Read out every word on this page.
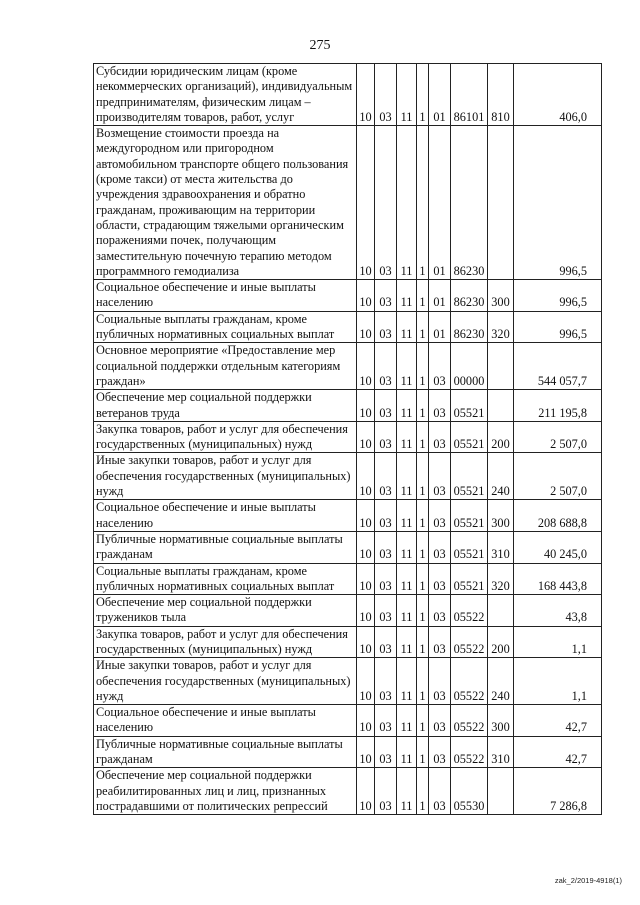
275
Субсидии юридическим лицам (кроме некоммерческих организаций), индивидуальным предпринимателям, физическим лицам – производителям товаров, работ, услуг	10	03	11	1	01	86101	810	406,0
Возмещение стоимости проезда на междугородном или пригородном автомобильном транспорте общего пользования (кроме такси) от места жительства до учреждения здравоохранения и обратно гражданам, проживающим на территории области, страдающим тяжелыми органическим поражениями почек, получающим заместительную почечную терапию методом программного гемодиализа	10	03	11	1	01	86230		996,5
Социальное обеспечение и иные выплаты населению	10	03	11	1	01	86230	300	996,5
Социальные выплаты гражданам, кроме публичных нормативных социальных выплат	10	03	11	1	01	86230	320	996,5
Основное мероприятие «Предоставление мер социальной поддержки отдельным категориям граждан»	10	03	11	1	03	00000		544 057,7
Обеспечение мер социальной поддержки ветеранов труда	10	03	11	1	03	05521		211 195,8
Закупка товаров, работ и услуг для обеспечения государственных (муниципальных) нужд	10	03	11	1	03	05521	200	2 507,0
Иные закупки товаров, работ и услуг для обеспечения государственных (муниципальных) нужд	10	03	11	1	03	05521	240	2 507,0
Социальное обеспечение и иные выплаты населению	10	03	11	1	03	05521	300	208 688,8
Публичные нормативные социальные выплаты гражданам	10	03	11	1	03	05521	310	40 245,0
Социальные выплаты гражданам, кроме публичных нормативных социальных выплат	10	03	11	1	03	05521	320	168 443,8
Обеспечение мер социальной поддержки тружеников тыла	10	03	11	1	03	05522		43,8
Закупка товаров, работ и услуг для обеспечения государственных (муниципальных) нужд	10	03	11	1	03	05522	200	1,1
Иные закупки товаров, работ и услуг для обеспечения государственных (муниципальных) нужд	10	03	11	1	03	05522	240	1,1
Социальное обеспечение и иные выплаты населению	10	03	11	1	03	05522	300	42,7
Публичные нормативные социальные выплаты гражданам	10	03	11	1	03	05522	310	42,7
Обеспечение мер социальной поддержки реабилитированных лиц и лиц, признанных пострадавшими от политических репрессий	10	03	11	1	03	05530		7 286,8
zak_2/2019-4918(1)
